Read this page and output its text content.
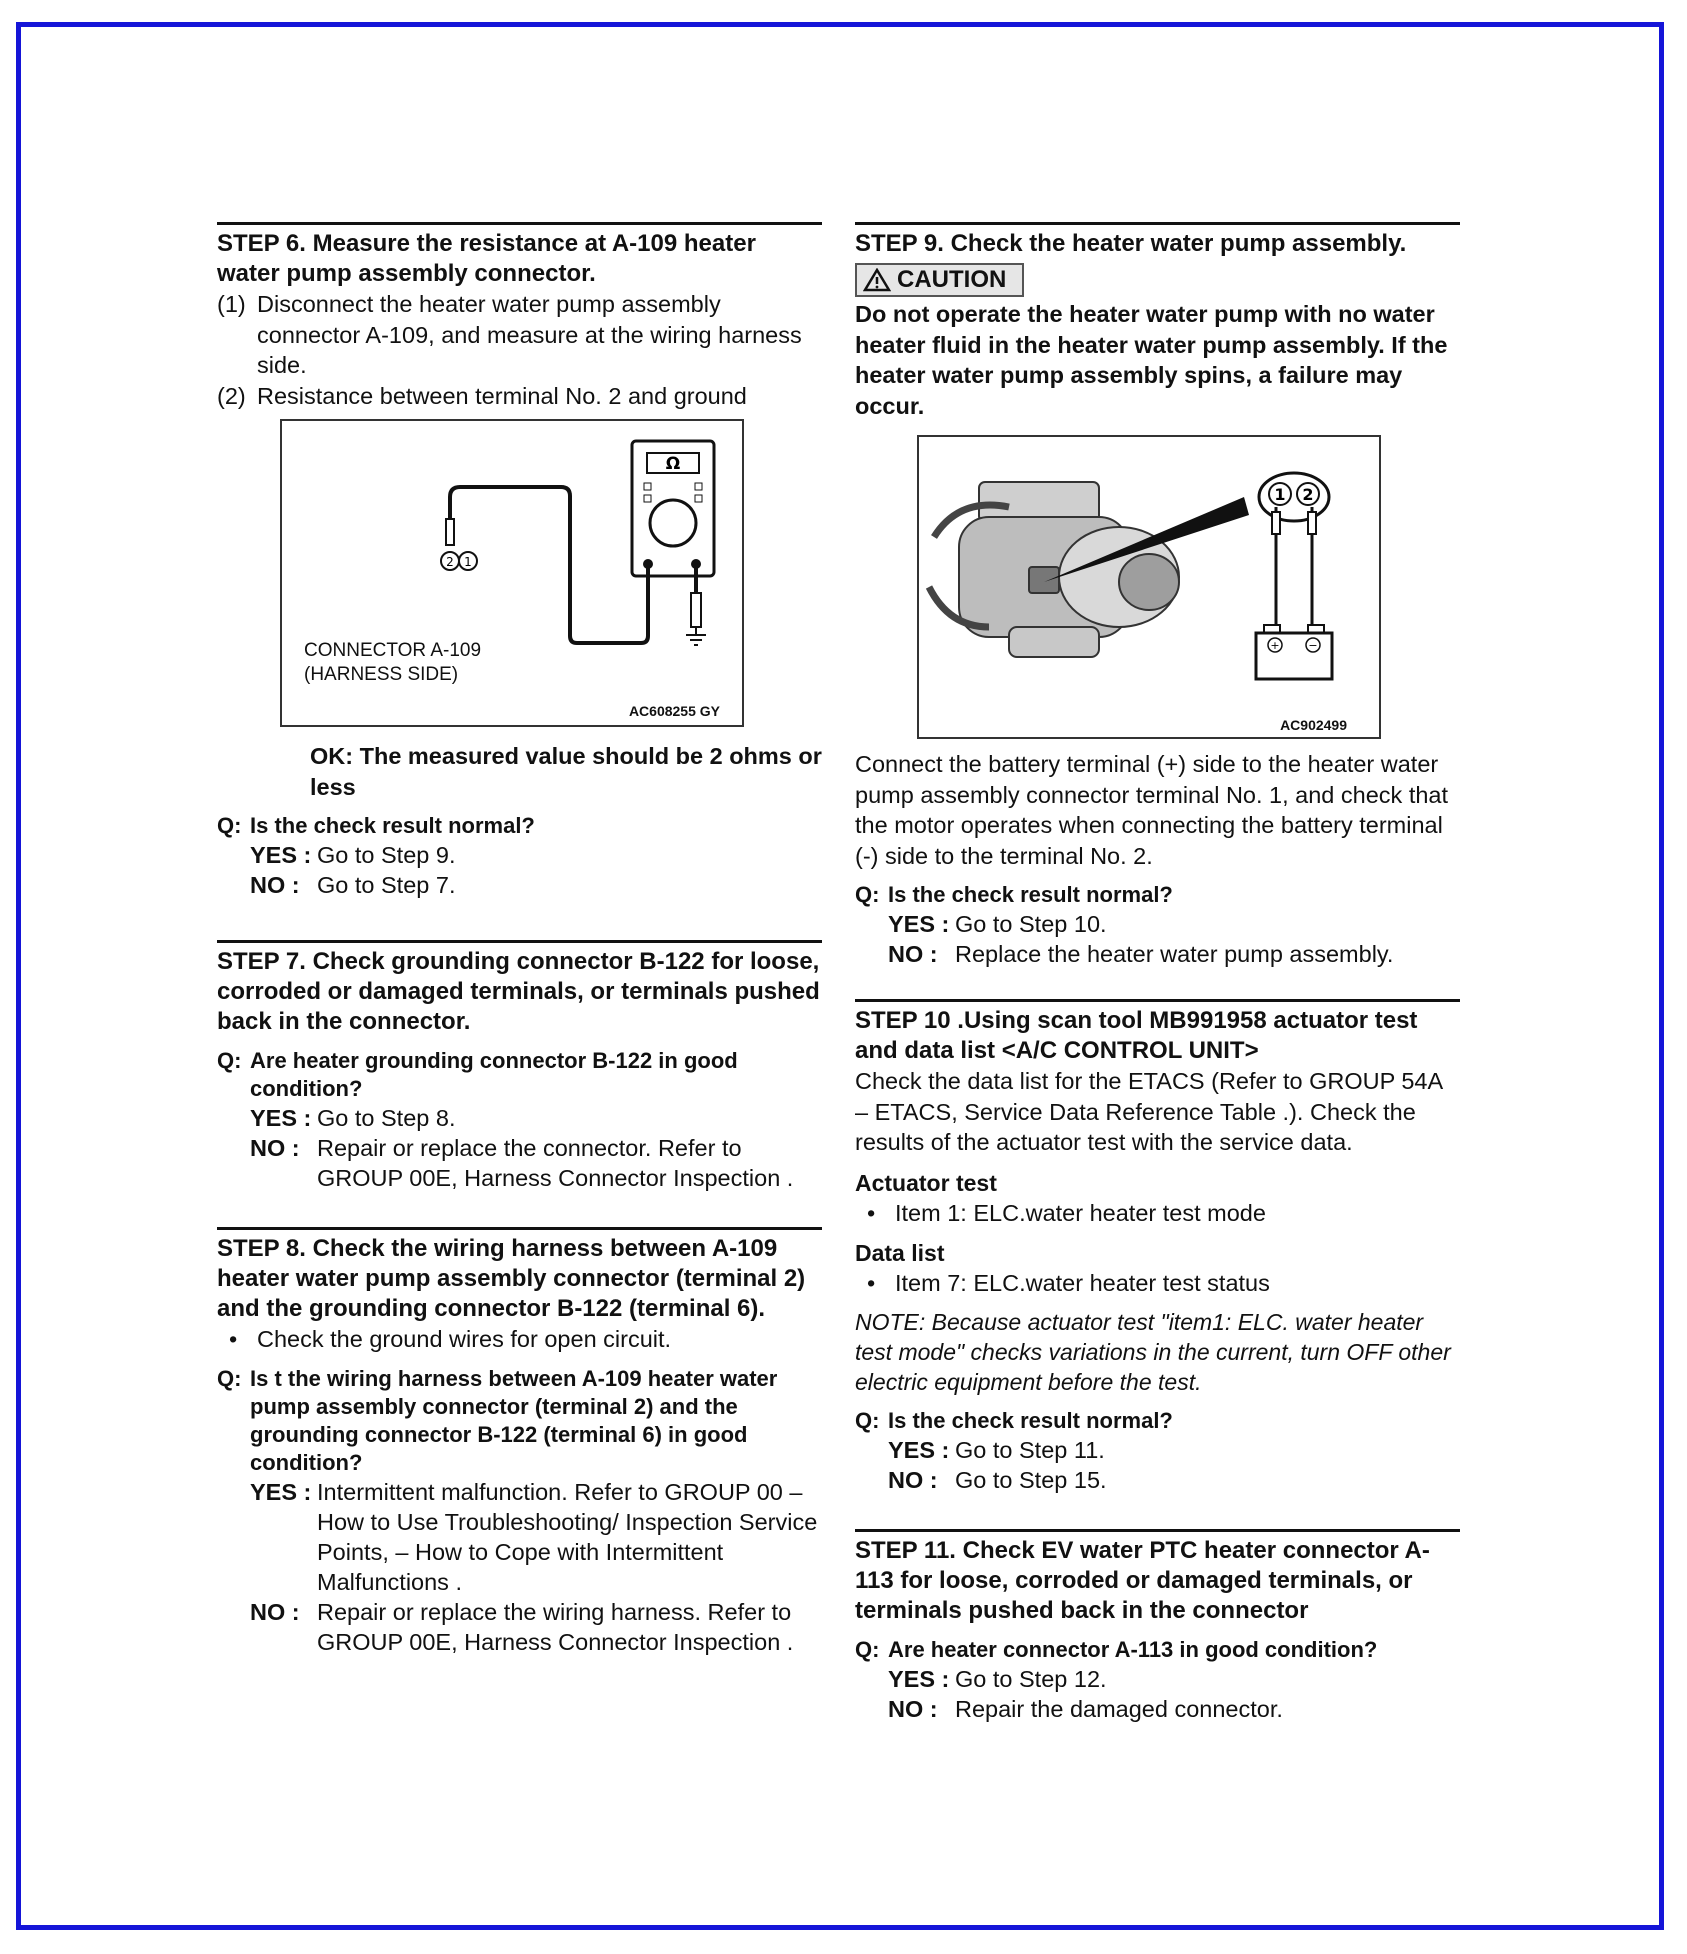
STEP 6. Measure the resistance at A-109 heater water pump assembly connector.

(1) Disconnect the heater water pump assembly connector A-109, and measure at the wiring harness side.
(2) Resistance between terminal No. 2 and ground
Ω
2 1
CONNECTOR A-109
(HARNESS SIDE)
AC608255 GY

OK: The measured value should be 2 ohms or less

Q: Is the check result normal?
YES : Go to Step 9.
NO : Go to Step 7.

STEP 7. Check grounding connector B-122 for loose, corroded or damaged terminals, or terminals pushed back in the connector.

Q: Are heater grounding connector B-122 in good condition?
YES : Go to Step 8.
NO : Repair or replace the connector. Refer to GROUP 00E, Harness Connector Inspection .

STEP 8. Check the wiring harness between A-109 heater water pump assembly connector (terminal 2) and the grounding connector B-122 (terminal 6).

• Check the ground wires for open circuit.
Q: Is t the wiring harness between A-109 heater water pump assembly connector (terminal 2) and the grounding connector B-122 (terminal 6) in good condition?
YES : Intermittent malfunction. Refer to GROUP 00 – How to Use Troubleshooting/ Inspection Service Points, – How to Cope with Intermittent Malfunctions .
NO : Repair or replace the wiring harness. Refer to GROUP 00E, Harness Connector Inspection .

STEP 9. Check the heater water pump assembly.

CAUTION

Do not operate the heater water pump with no water heater fluid in the heater water pump assembly. If the heater water pump assembly spins, a failure may occur.

1 2
+	−
AC902499

Connect the battery terminal (+) side to the heater water pump assembly connector terminal No. 1, and check that the motor operates when connecting the battery terminal (-) side to the terminal No. 2.

Q: Is the check result normal?
YES : Go to Step 10.
NO : Replace the heater water pump assembly.

STEP 10 .Using scan tool MB991958 actuator test and data list <A/C CONTROL UNIT>

Check the data list for the ETACS (Refer to GROUP 54A – ETACS, Service Data Reference Table .). Check the results of the actuator test with the service data.

Actuator test
• Item 1: ELC.water heater test mode
Data list
• Item 7: ELC.water heater test status

NOTE: Because actuator test "item1: ELC. water heater test mode" checks variations in the current, turn OFF other electric equipment before the test.

Q: Is the check result normal?
YES : Go to Step 11.
NO : Go to Step 15.

STEP 11. Check EV water PTC heater connector A-113 for loose, corroded or damaged terminals, or terminals pushed back in the connector

Q: Are heater connector A-113 in good condition?
YES : Go to Step 12.
NO : Repair the damaged connector.
